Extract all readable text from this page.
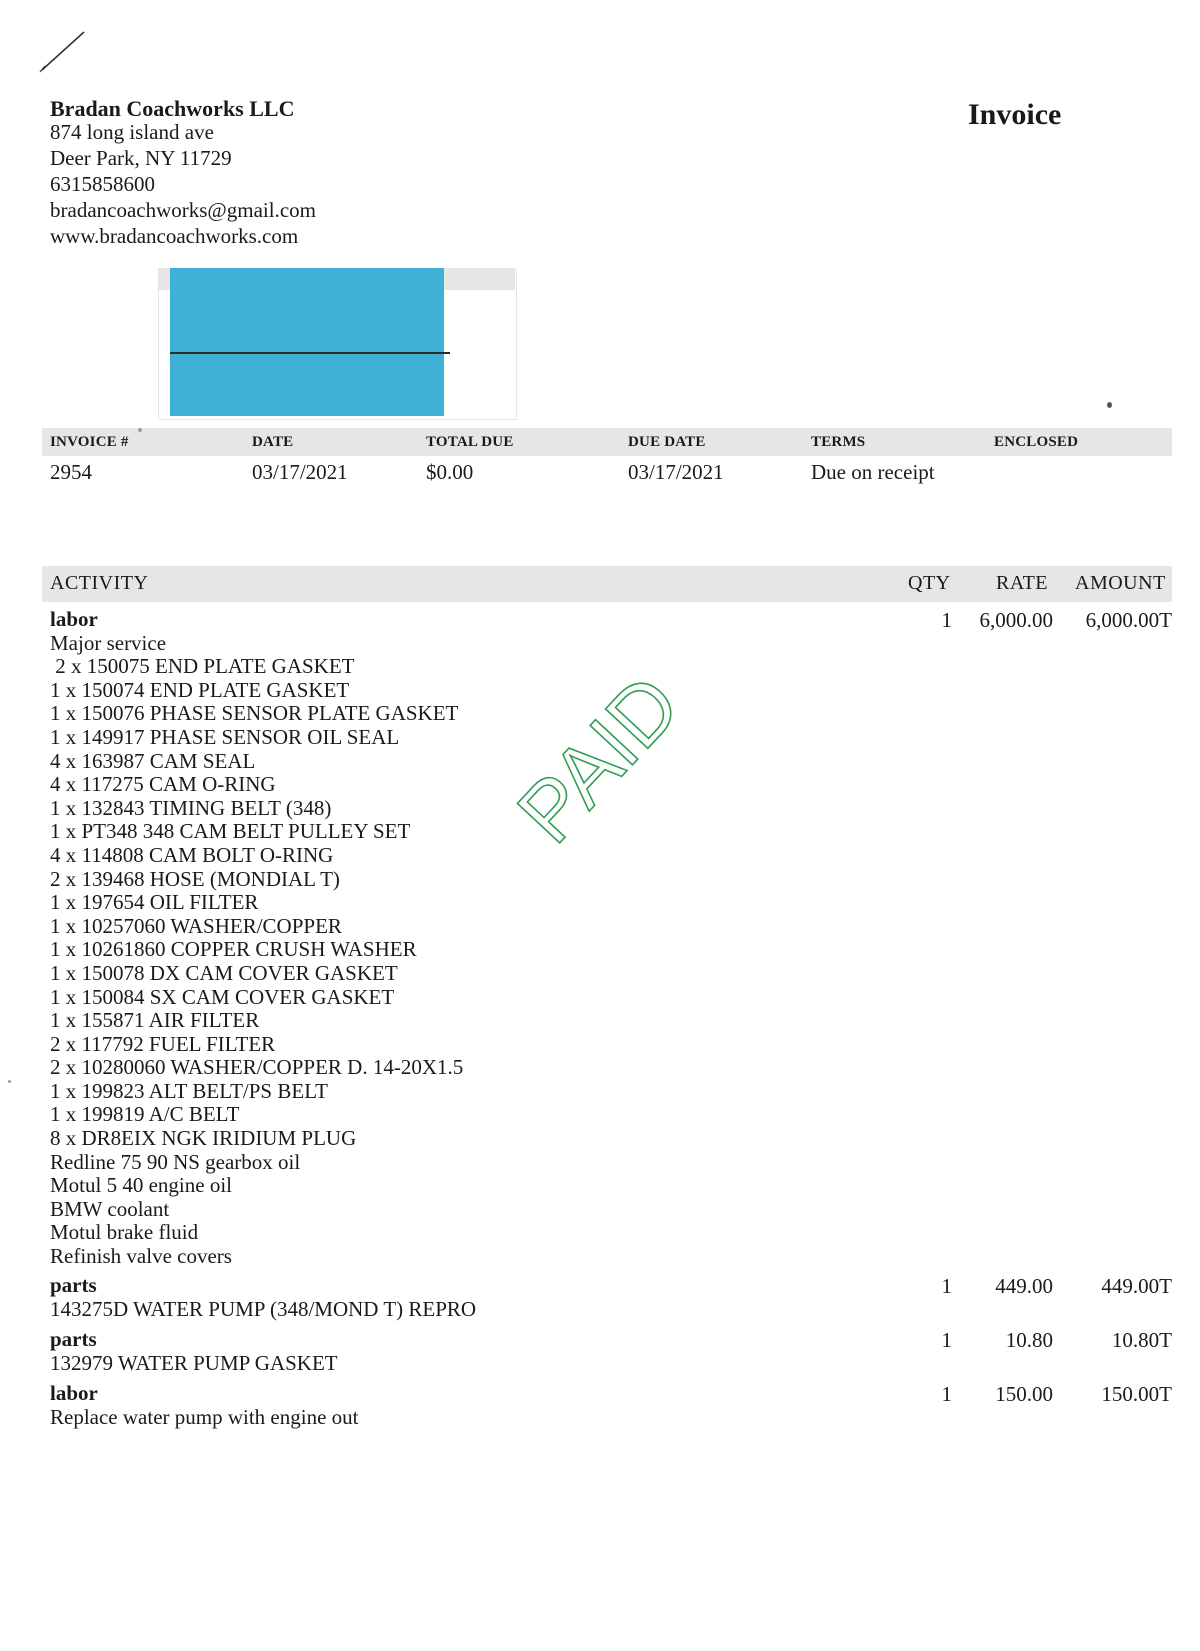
Bradan Coachworks LLC
874 long island ave
Deer Park, NY 11729
6315858600
bradancoachworks@gmail.com
www.bradancoachworks.com
Invoice
INVOICE #	DATE	TOTAL DUE	DUE DATE	TERMS	ENCLOSED
2954	03/17/2021	$0.00	03/17/2021	Due on receipt
ACTIVITY	QTY RATE AMOUNT
labor
Major service
2 x 150075 END PLATE GASKET
1 x 150074 END PLATE GASKET
1 x 150076 PHASE SENSOR PLATE GASKET
1 x 149917 PHASE SENSOR OIL SEAL
4 x 163987 CAM SEAL
4 x 117275 CAM O-RING
1 x 132843 TIMING BELT (348)
1 x PT348 348 CAM BELT PULLEY SET
4 x 114808 CAM BOLT O-RING
2 x 139468 HOSE (MONDIAL T)
1 x 197654 OIL FILTER
1 x 10257060 WASHER/COPPER
1 x 10261860 COPPER CRUSH WASHER
1 x 150078 DX CAM COVER GASKET
1 x 150084 SX CAM COVER GASKET
1 x 155871 AIR FILTER
2 x 117792 FUEL FILTER
2 x 10280060 WASHER/COPPER D. 14-20X1.5
1 x 199823 ALT BELT/PS BELT
1 x 199819 A/C BELT
8 x DR8EIX NGK IRIDIUM PLUG
Redline 75 90 NS gearbox oil
Motul 5 40 engine oil
BMW coolant
Motul brake fluid
Refinish valve covers
1	6,000.00	6,000.00T
parts
143275D WATER PUMP (348/MOND T) REPRO
1	449.00	449.00T
parts
132979 WATER PUMP GASKET
1	10.80	10.80T
labor
Replace water pump with engine out
1	150.00	150.00T
PAID
